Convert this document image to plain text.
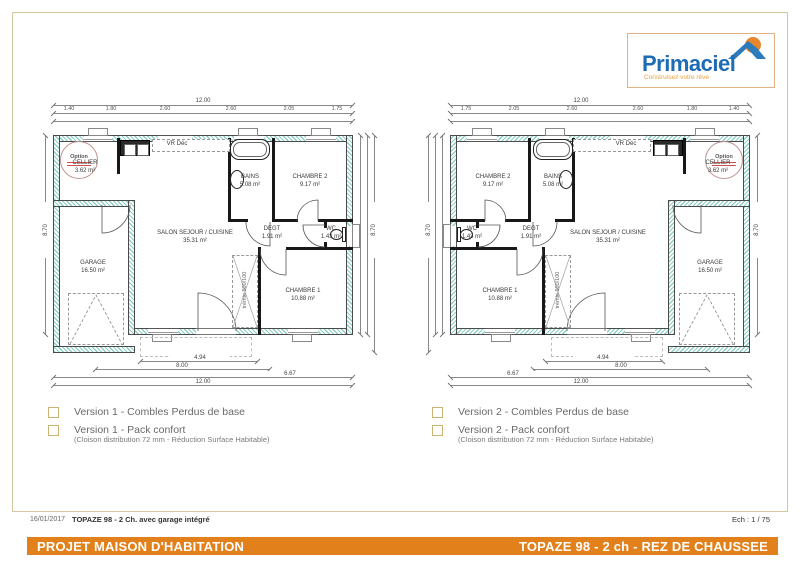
Primaciel
Construisez votre rêve
Option
CELLIER
3.62 m²
VR Déc
BAINS
5.08 m²
CHAMBRE 2
9.17 m²
SALON SEJOUR / CUISINE
35.31 m²
DEGT
1.91 m²
WC
1.43 m²
CHAMBRE 1
10.88 m²
GARAGE
16.50 m²
trémie 500/100
12.00
1.40	1.80	2.60	2.60	2.05	1.75
4.94
8.00
6.67
12.00
8.70	8.70
Option
CELLIER
3.62 m²
VR Déc
BAINS
5.08 m²
CHAMBRE 2
9.17 m²
SALON SEJOUR / CUISINE
35.31 m²
DEGT
1.91 m²
WC
1.43 m²
CHAMBRE 1
10.88 m²
GARAGE
16.50 m²
trémie 500/100
12.00
1.40
1.80
2.60
2.60
2.05
1.75
4.94
8.00
6.67
12.00
8.70
8.70
Version 1 - Combles Perdus de base
Version 1 - Pack confort
(Cloison distribution 72 mm - Réduction Surface Habitable)
Version 2 - Combles Perdus de base
Version 2 - Pack confort
(Cloison distribution 72 mm - Réduction Surface Habitable)
16/01/2017 TOPAZE 98 - 2 Ch. avec garage intégré	Ech : 1 / 75
PROJET MAISON D'HABITATION	TOPAZE 98 - 2 ch - REZ DE CHAUSSEE
